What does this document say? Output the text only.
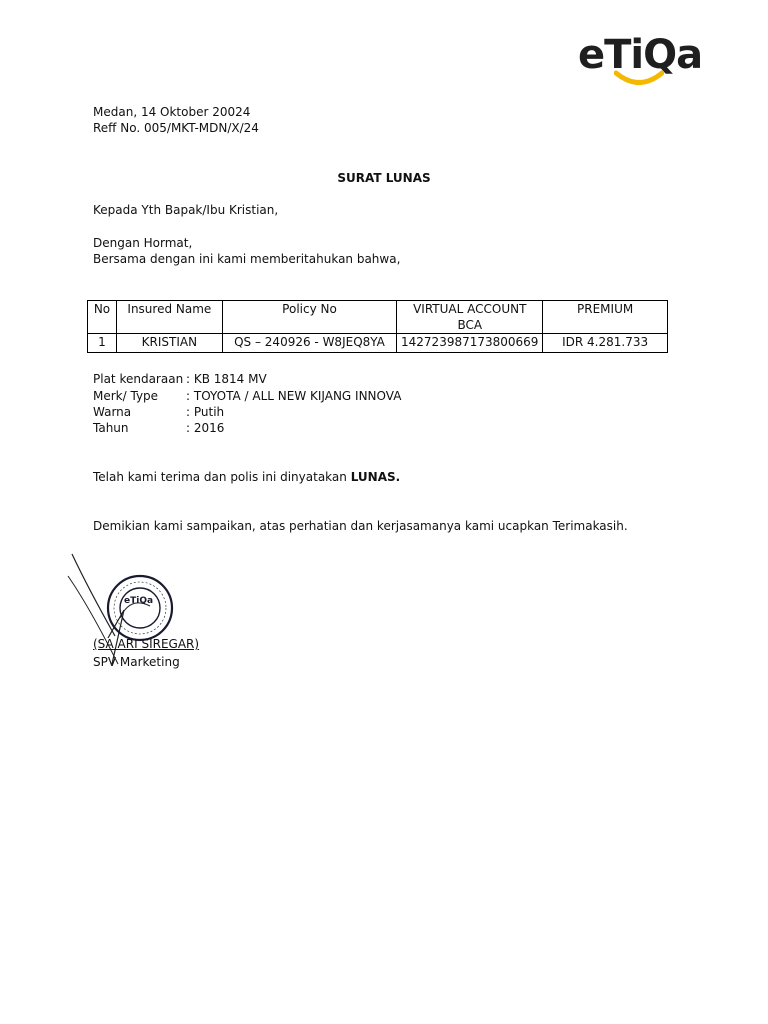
eTiQa
Medan, 14 Oktober 20024
Reff No. 005/MKT-MDN/X/24
SURAT LUNAS
Kepada Yth Bapak/Ibu Kristian,
Dengan Hormat,
Bersama dengan ini kami memberitahukan bahwa,
No	Insured Name	Policy No	VIRTUAL ACCOUNT BCA	PREMIUM
1	KRISTIAN	QS – 240926 - W8JEQ8YA	142723987173800669	IDR 4.281.733
Plat kendaraan : KB 1814 MV
Merk/ Type : TOYOTA / ALL NEW KIJANG INNOVA
Warna	: Putih
Tahun	: 2016
Telah kami terima dan polis ini dinyatakan LUNAS.
Demikian kami sampaikan, atas perhatian dan kerjasamanya kami ucapkan Terimakasih.
eTiQa
(SA ARI SIREGAR)
SPV Marketing
